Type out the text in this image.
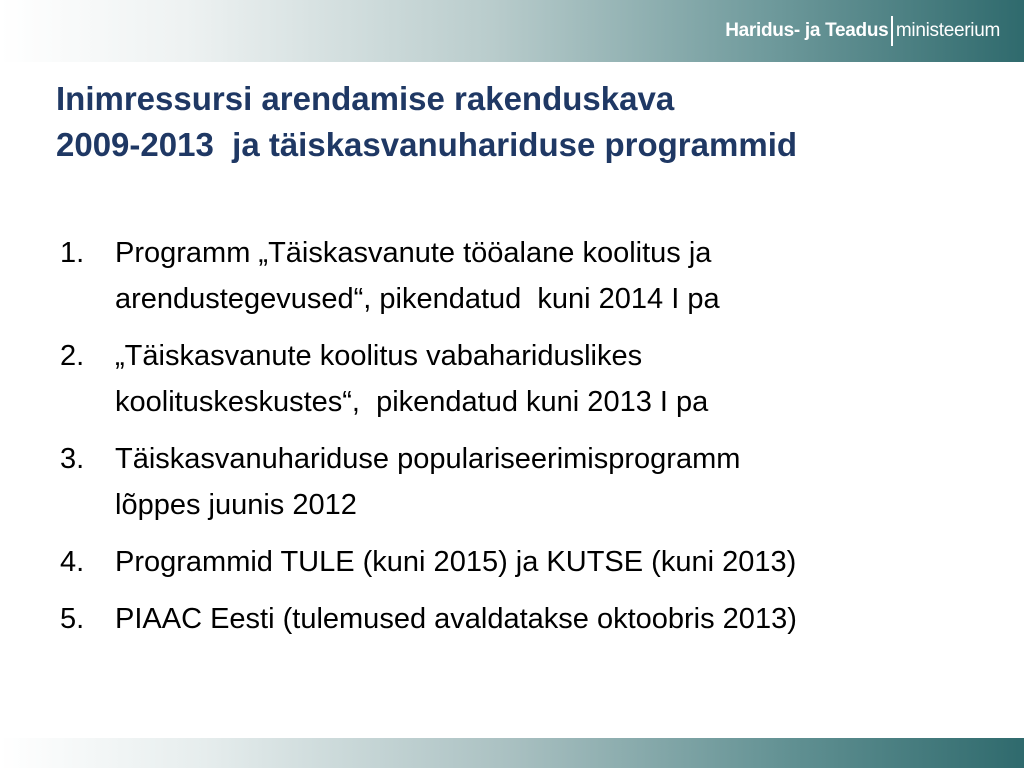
Haridus- ja Teadus ministeerium
Inimressursi arendamise rakenduskava
2009-2013  ja täiskasvanuhariduse programmid
1.	Programm „Täiskasvanute tööalane koolitus ja
arendustegevused“, pikendatud  kuni 2014 I pa
2.	„Täiskasvanute koolitus vabahariduslikes
koolituskeskustes“,  pikendatud kuni 2013 I pa
3.	Täiskasvanuhariduse populariseerimisprogramm
lõppes juunis 2012
4.	Programmid TULE (kuni 2015) ja KUTSE (kuni 2013)
5.	PIAAC Eesti (tulemused avaldatakse oktoobris 2013)
